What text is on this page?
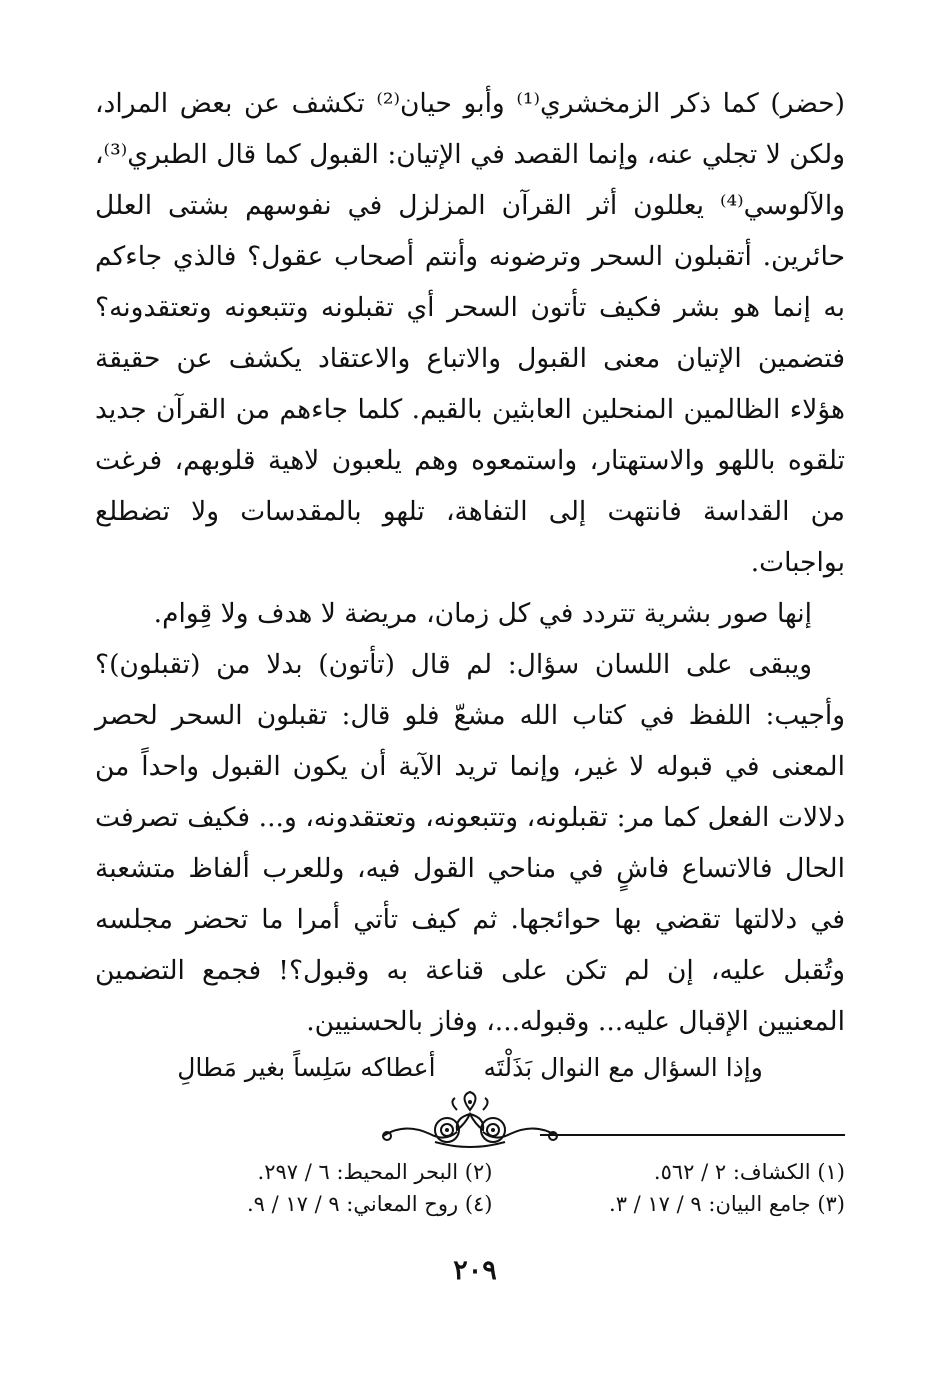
(حضر) كما ذكر الزمخشري⁽¹⁾ وأبو حيان⁽²⁾ تكشف عن بعض المراد، ولكن لا تجلي عنه، وإنما القصد في الإتيان: القبول كما قال الطبري⁽³⁾، والآلوسي⁽⁴⁾ يعللون أثر القرآن المزلزل في نفوسهم بشتى العلل حائرين. أتقبلون السحر وترضونه وأنتم أصحاب عقول؟ فالذي جاءكم به إنما هو بشر فكيف تأتون السحر أي تقبلونه وتتبعونه وتعتقدونه؟ فتضمين الإتيان معنى القبول والاتباع والاعتقاد يكشف عن حقيقة هؤلاء الظالمين المنحلين العابثين بالقيم. كلما جاءهم من القرآن جديد تلقوه باللهو والاستهتار، واستمعوه وهم يلعبون لاهية قلوبهم، فرغت من القداسة فانتهت إلى التفاهة، تلهو بالمقدسات ولا تضطلع بواجبات.

إنها صور بشرية تتردد في كل زمان، مريضة لا هدف ولا قِوام.

ويبقى على اللسان سؤال: لم قال (تأتون) بدلا من (تقبلون)؟ وأجيب: اللفظ في كتاب الله مشعّ فلو قال: تقبلون السحر لحصر المعنى في قبوله لا غير، وإنما تريد الآية أن يكون القبول واحداً من دلالات الفعل كما مر: تقبلونه، وتتبعونه، وتعتقدونه، و... فكيف تصرفت الحال فالاتساع فاشٍ في مناحي القول فيه، وللعرب ألفاظ متشعبة في دلالتها تقضي بها حوائجها. ثم كيف تأتي أمرا ما تحضر مجلسه وتُقبل عليه، إن لم تكن على قناعة به وقبول؟! فجمع التضمين المعنيين الإقبال عليه... وقبوله...، وفاز بالحسنيين.

وإذا السؤال مع النوال بَذَلْتَه
أعطاكه سَلِساً بغير مَطالِ
(١) الكشاف: ٢ / ٥٦٢.
(٢) البحر المحيط: ٦ / ٢٩٧.
(٣) جامع البيان: ٩ / ١٧ / ٣.
(٤) روح المعاني: ٩ / ١٧ / ٩.
٢٠٩
